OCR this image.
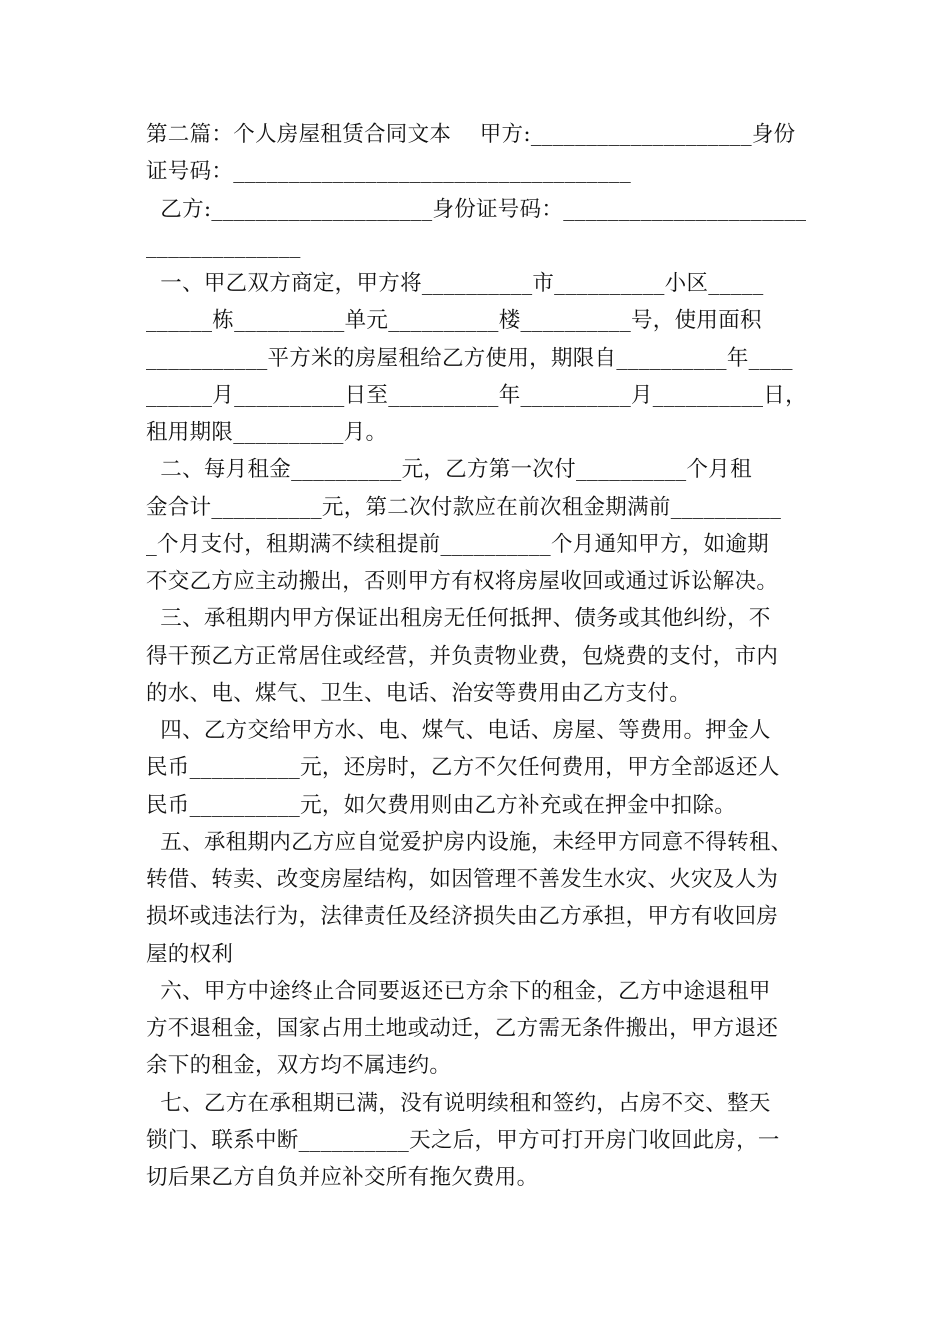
第二篇：个人房屋租赁合同文本    甲方:____________________身份
证号码：____________________________________
乙方:____________________身份证号码：______________________
______________
一、甲乙双方商定，甲方将__________市__________小区_____
______栋__________单元__________楼__________号，使用面积
___________平方米的房屋租给乙方使用，期限自__________年____
______月__________日至__________年__________月__________日，
租用期限__________月。
二、每月租金__________元，乙方第一次付__________个月租
金合计__________元，第二次付款应在前次租金期满前__________
_个月支付，租期满不续租提前__________个月通知甲方，如逾期
不交乙方应主动搬出，否则甲方有权将房屋收回或通过诉讼解决。
三、承租期内甲方保证出租房无任何抵押、债务或其他纠纷，不
得干预乙方正常居住或经营，并负责物业费，包烧费的支付，市内
的水、电、煤气、卫生、电话、治安等费用由乙方支付。
四、乙方交给甲方水、电、煤气、电话、房屋、等费用。押金人
民币__________元，还房时，乙方不欠任何费用，甲方全部返还人
民币__________元，如欠费用则由乙方补充或在押金中扣除。
五、承租期内乙方应自觉爱护房内设施，未经甲方同意不得转租、
转借、转卖、改变房屋结构，如因管理不善发生水灾、火灾及人为
损坏或违法行为，法律责任及经济损失由乙方承担，甲方有收回房
屋的权利
六、甲方中途终止合同要返还已方余下的租金，乙方中途退租甲
方不退租金，国家占用土地或动迁，乙方需无条件搬出，甲方退还
余下的租金，双方均不属违约。
七、乙方在承租期已满，没有说明续租和签约，占房不交、整天
锁门、联系中断__________天之后，甲方可打开房门收回此房，一
切后果乙方自负并应补交所有拖欠费用。
